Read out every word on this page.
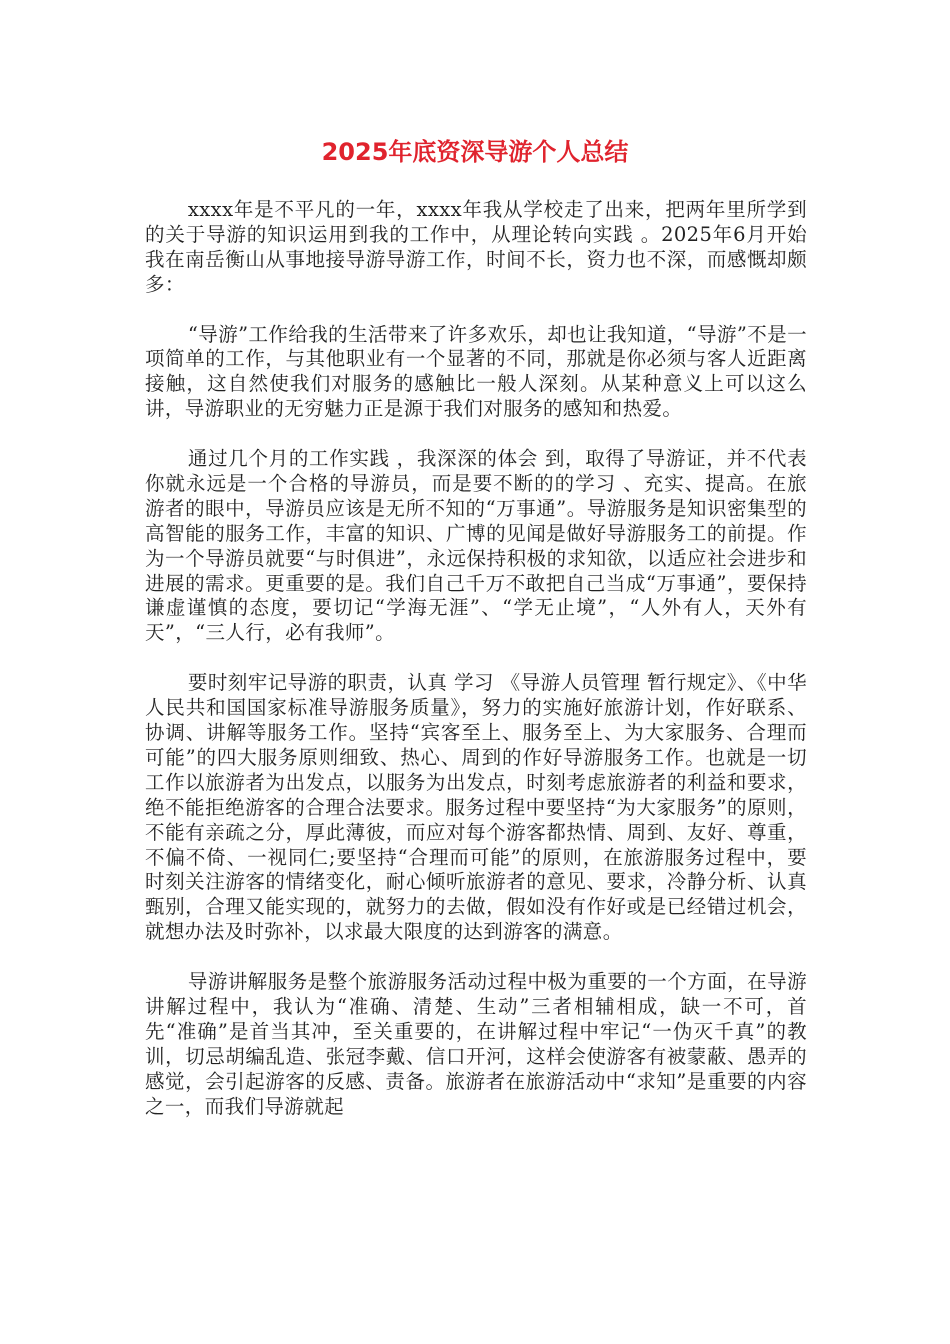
2025年底资深导游个人总结

xxxx年是不平凡的一年，xxxx年我从学校走了出来，把两年里所学到的关于导游的知识运用到我的工作中，从理论转向实践 。2025年6月开始我在南岳衡山从事地接导游导游工作，时间不长，资力也不深，而感慨却颇多：

“导游”工作给我的生活带来了许多欢乐，却也让我知道，“导游”不是一项简单的工作，与其他职业有一个显著的不同，那就是你必须与客人近距离接触，这自然使我们对服务的感触比一般人深刻。从某种意义上可以这么讲，导游职业的无穷魅力正是源于我们对服务的感知和热爱。

通过几个月的工作实践 ，我深深的体会 到，取得了导游证，并不代表你就永远是一个合格的导游员，而是要不断的的学习 、充实、提高。在旅游者的眼中，导游员应该是无所不知的“万事通”。导游服务是知识密集型的高智能的服务工作，丰富的知识、广博的见闻是做好导游服务工的前提。作为一个导游员就要“与时俱进”，永远保持积极的求知欲，以适应社会进步和进展的需求。更重要的是。我们自己千万不敢把自己当成“万事通”，要保持谦虚谨慎的态度，要切记“学海无涯”、“学无止境”，“人外有人，天外有天”，“三人行，必有我师”。

要时刻牢记导游的职责，认真 学习 《导游人员管理 暂行规定》、《中华人民共和国国家标准导游服务质量》，努力的实施好旅游计划，作好联系、协调、讲解等服务工作。坚持“宾客至上、服务至上、为大家服务、合理而可能”的四大服务原则细致、热心、周到的作好导游服务工作。也就是一切工作以旅游者为出发点，以服务为出发点，时刻考虑旅游者的利益和要求，绝不能拒绝游客的合理合法要求。服务过程中要坚持“为大家服务”的原则，不能有亲疏之分，厚此薄彼，而应对每个游客都热情、周到、友好、尊重，不偏不倚、一视同仁;要坚持“合理而可能”的原则，在旅游服务过程中，要时刻关注游客的情绪变化，耐心倾听旅游者的意见、要求，冷静分析、认真甄别，合理又能实现的，就努力的去做，假如没有作好或是已经错过机会，就想办法及时弥补，以求最大限度的达到游客的满意。

导游讲解服务是整个旅游服务活动过程中极为重要的一个方面，在导游讲解过程中，我认为“准确、清楚、生动”三者相辅相成，缺一不可，首先“准确”是首当其冲，至关重要的，在讲解过程中牢记“一伪灭千真”的教训，切忌胡编乱造、张冠李戴、信口开河，这样会使游客有被蒙蔽、愚弄的感觉，会引起游客的反感、责备。旅游者在旅游活动中“求知”是重要的内容之一，而我们导游就起
